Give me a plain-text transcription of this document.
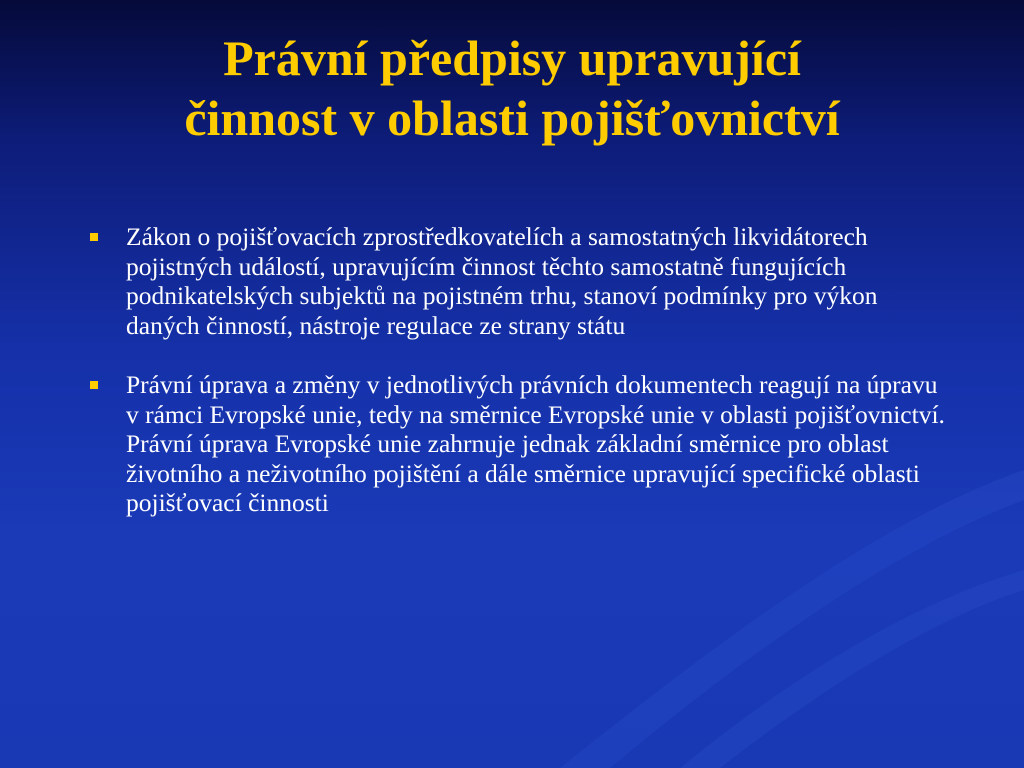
Právní předpisy upravující
činnost v oblasti pojišťovnictví
Zákon o pojišťovacích zprostředkovatelích a samostatných likvidátorech pojistných událostí, upravujícím činnost těchto samostatně fungujících podnikatelských subjektů na pojistném trhu, stanoví podmínky pro výkon daných činností, nástroje regulace ze strany státu
Právní úprava a změny v jednotlivých právních dokumentech reagují na úpravu v rámci Evropské unie, tedy na směrnice Evropské unie v oblasti pojišťovnictví. Právní úprava Evropské unie zahrnuje jednak základní směrnice pro oblast životního a neživotního pojištění a dále směrnice upravující specifické oblasti pojišťovací činnosti
